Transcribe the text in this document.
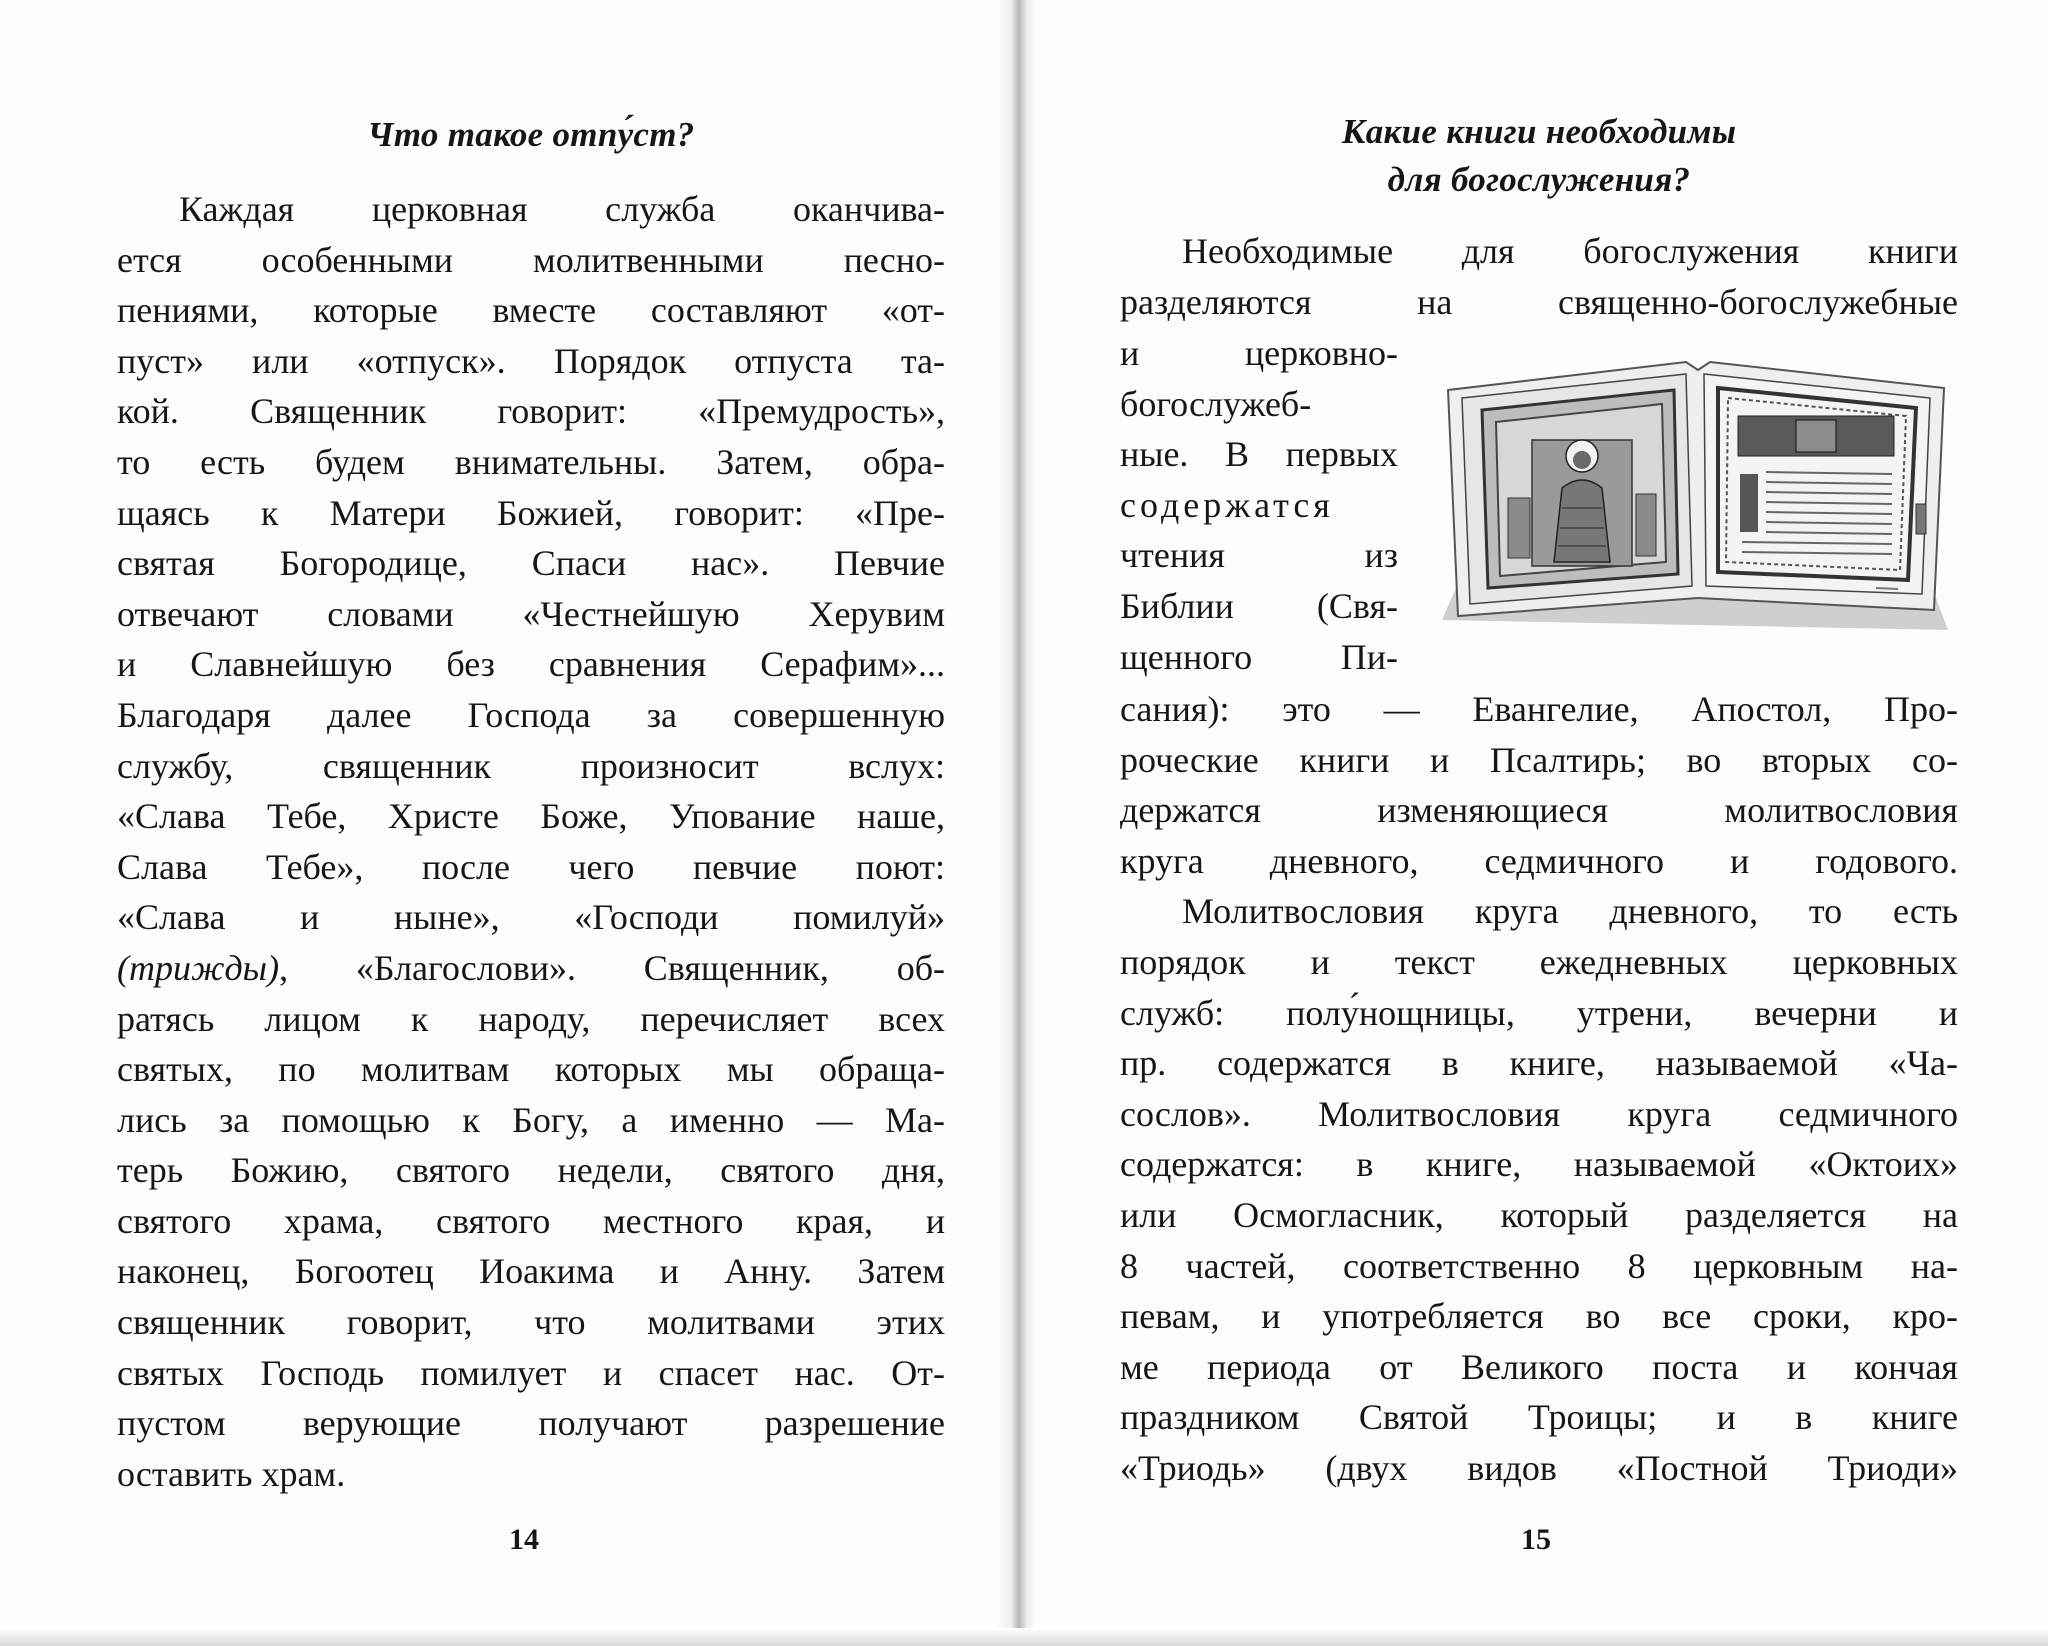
Что такое отпу́ст?
Каждая церковная служба оканчива-
ется особенными молитвенными песно-
пениями, которые вместе составляют «от-
пуст» или «отпуск». Порядок отпуста та-
кой. Священник говорит: «Премудрость»,
то есть будем внимательны. Затем, обра-
щаясь к Матери Божией, говорит: «Пре-
святая Богородице, Спаси нас». Певчие
отвечают словами «Честнейшую Херувим
и Славнейшую без сравнения Серафим»...
Благодаря далее Господа за совершенную
службу, священник произносит вслух:
«Слава Тебе, Христе Боже, Упование наше,
Слава Тебе», после чего певчие поют:
«Слава и ныне», «Господи помилуй»
(трижды), «Благослови». Священник, об-
ратясь лицом к народу, перечисляет всех
святых, по молитвам которых мы обраща-
лись за помощью к Богу, а именно — Ма-
терь Божию, святого недели, святого дня,
святого храма, святого местного края, и
наконец, Богоотец Иоакима и Анну. Затем
священник говорит, что молитвами этих
святых Господь помилует и спасет нас. От-
пустом верующие получают разрешение
оставить храм.
14
Какие книги необходимы
для богослужения?
Необходимые для богослужения книги
разделяются на священно-богослужебные
и церковно-
богослужеб-
ные. В первых
содержатся
чтения из
Библии (Свя-
щенного Пи-
сания): это — Евангелие, Апостол, Про-
роческие книги и Псалтирь; во вторых со-
держатся изменяющиеся молитвословия
круга дневного, седмичного и годового.
Молитвословия круга дневного, то есть
порядок и текст ежедневных церковных
служб: полу́нощницы, утрени, вечерни и
пр. содержатся в книге, называемой «Ча-
сослов». Молитвословия круга седмичного
содержатся: в книге, называемой «Октоих»
или Осмогласник, который разделяется на
8 частей, соответственно 8 церковным на-
певам, и употребляется во все сроки, кро-
ме периода от Великого поста и кончая
праздником Святой Троицы; и в книге
«Триодь» (двух видов «Постной Триоди»
15
